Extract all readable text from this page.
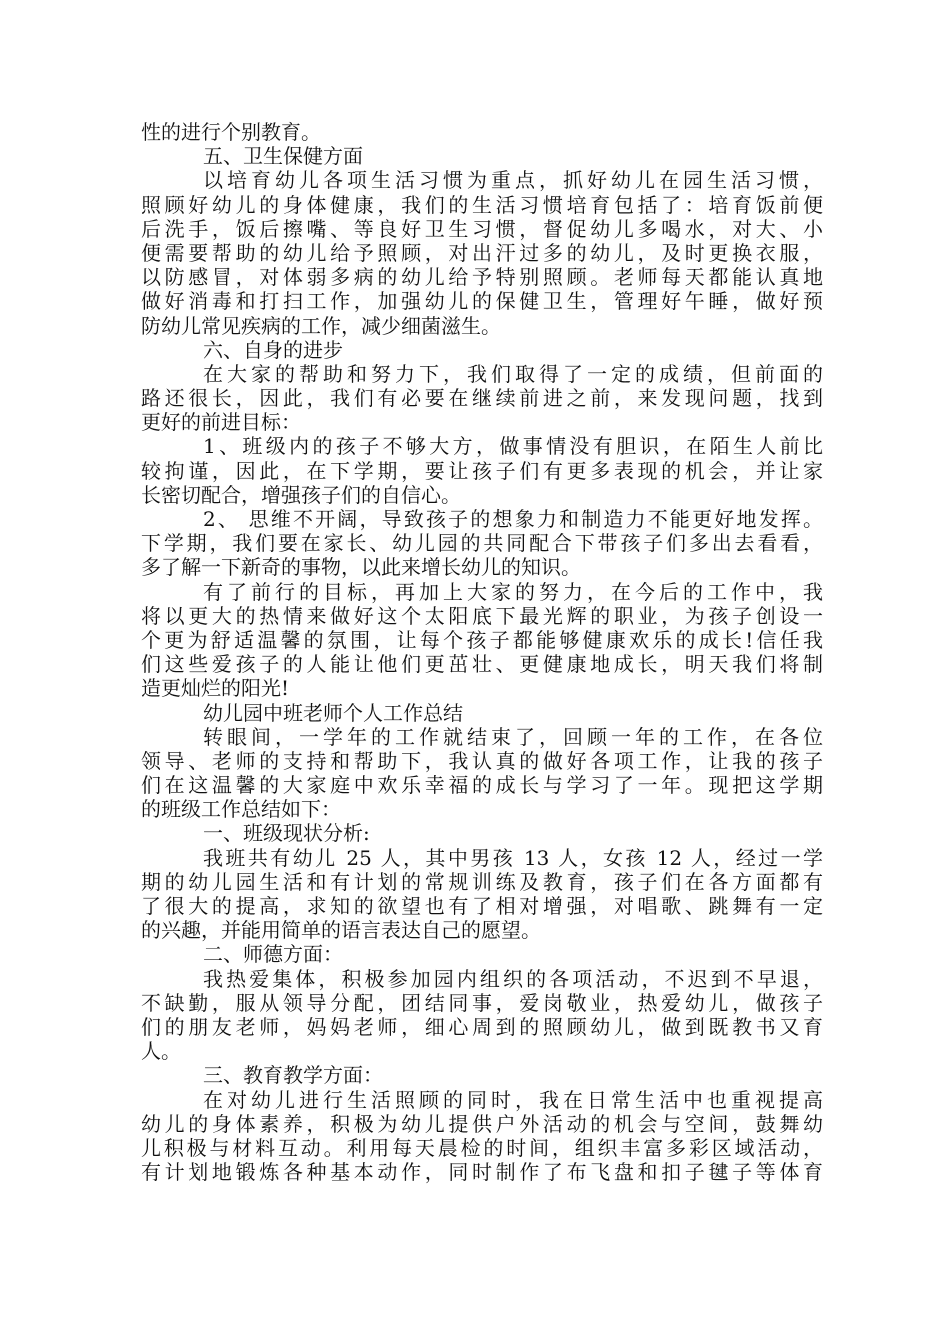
性的进行个别教育。
五、卫生保健方面
以培育幼儿各项生活习惯为重点，抓好幼儿在园生活习惯，
照顾好幼儿的身体健康，我们的生活习惯培育包括了：培育饭前便
后洗手，饭后擦嘴、等良好卫生习惯，督促幼儿多喝水，对大、小
便需要帮助的幼儿给予照顾，对出汗过多的幼儿，及时更换衣服，
以防感冒，对体弱多病的幼儿给予特别照顾。老师每天都能认真地
做好消毒和打扫工作，加强幼儿的保健卫生，管理好午睡，做好预
防幼儿常见疾病的工作，减少细菌滋生。
六、自身的进步
在大家的帮助和努力下，我们取得了一定的成绩，但前面的
路还很长，因此，我们有必要在继续前进之前，来发现问题，找到
更好的前进目标：
1、班级内的孩子不够大方，做事情没有胆识，在陌生人前比
较拘谨，因此，在下学期，要让孩子们有更多表现的机会，并让家
长密切配合，增强孩子们的自信心。
2、 思维不开阔，导致孩子的想象力和制造力不能更好地发挥。
下学期，我们要在家长、幼儿园的共同配合下带孩子们多出去看看，
多了解一下新奇的事物，以此来增长幼儿的知识。
有了前行的目标，再加上大家的努力，在今后的工作中，我
将以更大的热情来做好这个太阳底下最光辉的职业，为孩子创设一
个更为舒适温馨的氛围，让每个孩子都能够健康欢乐的成长!信任我
们这些爱孩子的人能让他们更茁壮、更健康地成长，明天我们将制
造更灿烂的阳光!
幼儿园中班老师个人工作总结
转眼间，一学年的工作就结束了，回顾一年的工作，在各位
领导、老师的支持和帮助下，我认真的做好各项工作，让我的孩子
们在这温馨的大家庭中欢乐幸福的成长与学习了一年。现把这学期
的班级工作总结如下：
一、班级现状分析:
我班共有幼儿 25 人，其中男孩 13 人，女孩 12 人，经过一学
期的幼儿园生活和有计划的常规训练及教育，孩子们在各方面都有
了很大的提高，求知的欲望也有了相对增强，对唱歌、跳舞有一定
的兴趣，并能用简单的语言表达自己的愿望。
二、师德方面：
我热爱集体，积极参加园内组织的各项活动，不迟到不早退，
不缺勤，服从领导分配，团结同事，爱岗敬业，热爱幼儿，做孩子
们的朋友老师，妈妈老师，细心周到的照顾幼儿，做到既教书又育
人。
三、教育教学方面：
在对幼儿进行生活照顾的同时，我在日常生活中也重视提高
幼儿的身体素养，积极为幼儿提供户外活动的机会与空间，鼓舞幼
儿积极与材料互动。利用每天晨检的时间，组织丰富多彩区域活动，
有计划地锻炼各种基本动作，同时制作了布飞盘和扣子毽子等体育
